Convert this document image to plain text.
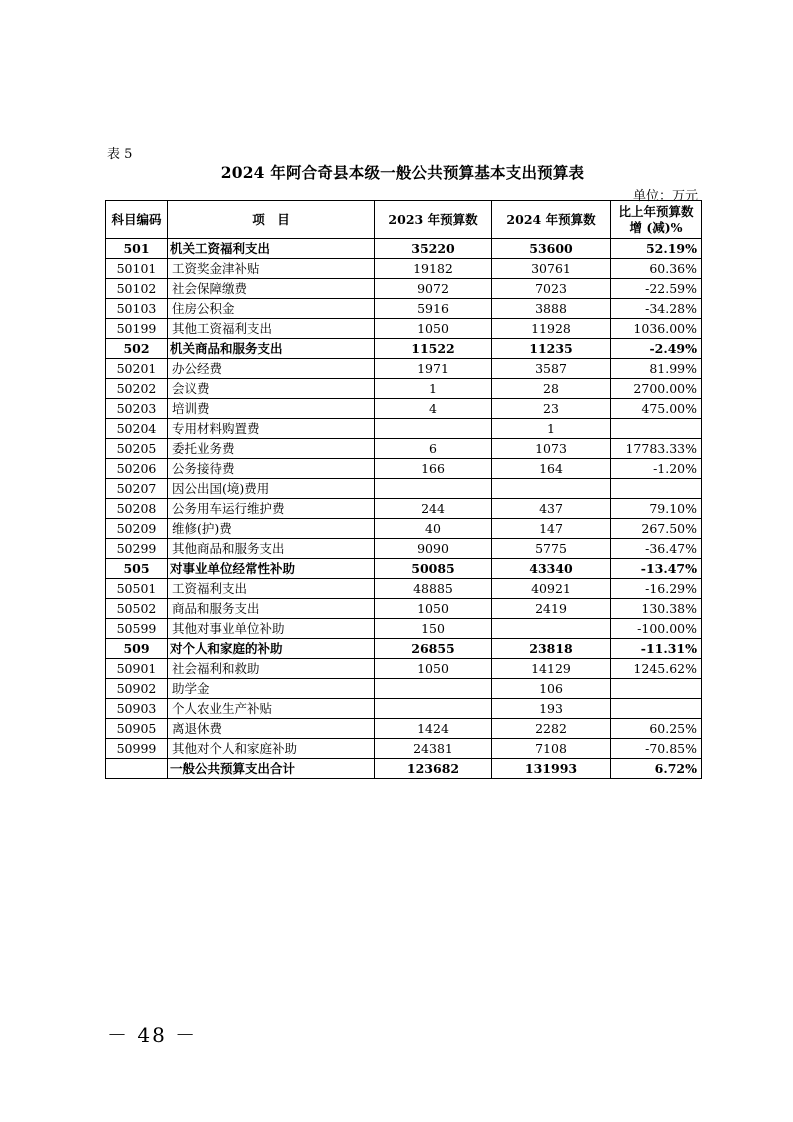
表 5
2024 年阿合奇县本级一般公共预算基本支出预算表
单位：万元
科目编码	项　目	2023 年预算数	2024 年预算数	比上年预算数
增 (减)%

501	机关工资福利支出	35220	53600	52.19%
50101	工资奖金津补贴	19182	30761	60.36%
50102	社会保障缴费	9072	7023	-22.59%
50103	住房公积金	5916	3888	-34.28%
50199	其他工资福利支出	1050	11928	1036.00%
502	机关商品和服务支出	11522	11235	-2.49%
50201	办公经费	1971	3587	81.99%
50202	会议费	1	28	2700.00%
50203	培训费	4	23	475.00%
50204	专用材料购置费		1	
50205	委托业务费	6	1073	17783.33%
50206	公务接待费	166	164	-1.20%
50207	因公出国(境)费用			
50208	公务用车运行维护费	244	437	79.10%
50209	维修(护)费	40	147	267.50%
50299	其他商品和服务支出	9090	5775	-36.47%
505	对事业单位经常性补助	50085	43340	-13.47%
50501	工资福利支出	48885	40921	-16.29%
50502	商品和服务支出	1050	2419	130.38%
50599	其他对事业单位补助	150		-100.00%
509	对个人和家庭的补助	26855	23818	-11.31%
50901	社会福利和救助	1050	14129	1245.62%
50902	助学金		106	
50903	个人农业生产补贴		193	
50905	离退休费	1424	2282	60.25%
50999	其他对个人和家庭补助	24381	7108	-70.85%
	一般公共预算支出合计	123682	131993	6.72%
－ 48 －
